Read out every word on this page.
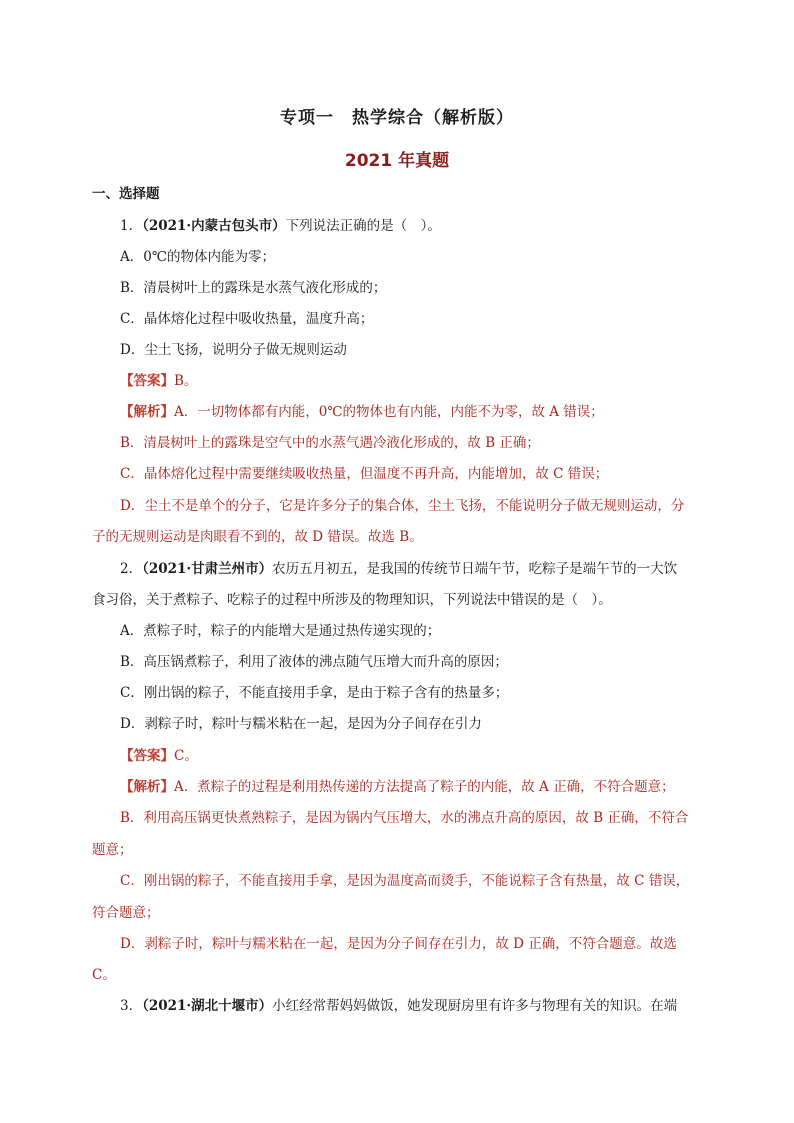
专项一　热学综合（解析版）
2021 年真题
一、选择题
1．（2021·内蒙古包头市）下列说法正确的是（　）。
A．0℃的物体内能为零；
B．清晨树叶上的露珠是水蒸气液化形成的；
C．晶体熔化过程中吸收热量，温度升高；
D．尘土飞扬，说明分子做无规则运动
【答案】B。
【解析】A．一切物体都有内能，0℃的物体也有内能，内能不为零，故 A 错误；
B．清晨树叶上的露珠是空气中的水蒸气遇冷液化形成的，故 B 正确；
C．晶体熔化过程中需要继续吸收热量，但温度不再升高，内能增加，故 C 错误；
D．尘土不是单个的分子，它是许多分子的集合体，尘土飞扬，不能说明分子做无规则运动，分
子的无规则运动是肉眼看不到的，故 D 错误。故选 B。
2．（2021·甘肃兰州市）农历五月初五，是我国的传统节日端午节，吃粽子是端午节的一大饮
食习俗，关于煮粽子、吃粽子的过程中所涉及的物理知识，下列说法中错误的是（　）。
A．煮粽子时，粽子的内能增大是通过热传递实现的；
B．高压锅煮粽子，利用了液体的沸点随气压增大而升高的原因；
C．刚出锅的粽子，不能直接用手拿，是由于粽子含有的热量多；
D．剥粽子时，粽叶与糯米粘在一起，是因为分子间存在引力
【答案】C。
【解析】A．煮粽子的过程是利用热传递的方法提高了粽子的内能，故 A 正确，不符合题意；
B．利用高压锅更快煮熟粽子，是因为锅内气压增大，水的沸点升高的原因，故 B 正确，不符合
题意；
C．刚出锅的粽子，不能直接用手拿，是因为温度高而烫手，不能说粽子含有热量，故 C 错误，
符合题意；
D．剥粽子时，粽叶与糯米粘在一起，是因为分子间存在引力，故 D 正确，不符合题意。故选
C。
3．（2021·湖北十堰市）小红经常帮妈妈做饭，她发现厨房里有许多与物理有关的知识。在端
